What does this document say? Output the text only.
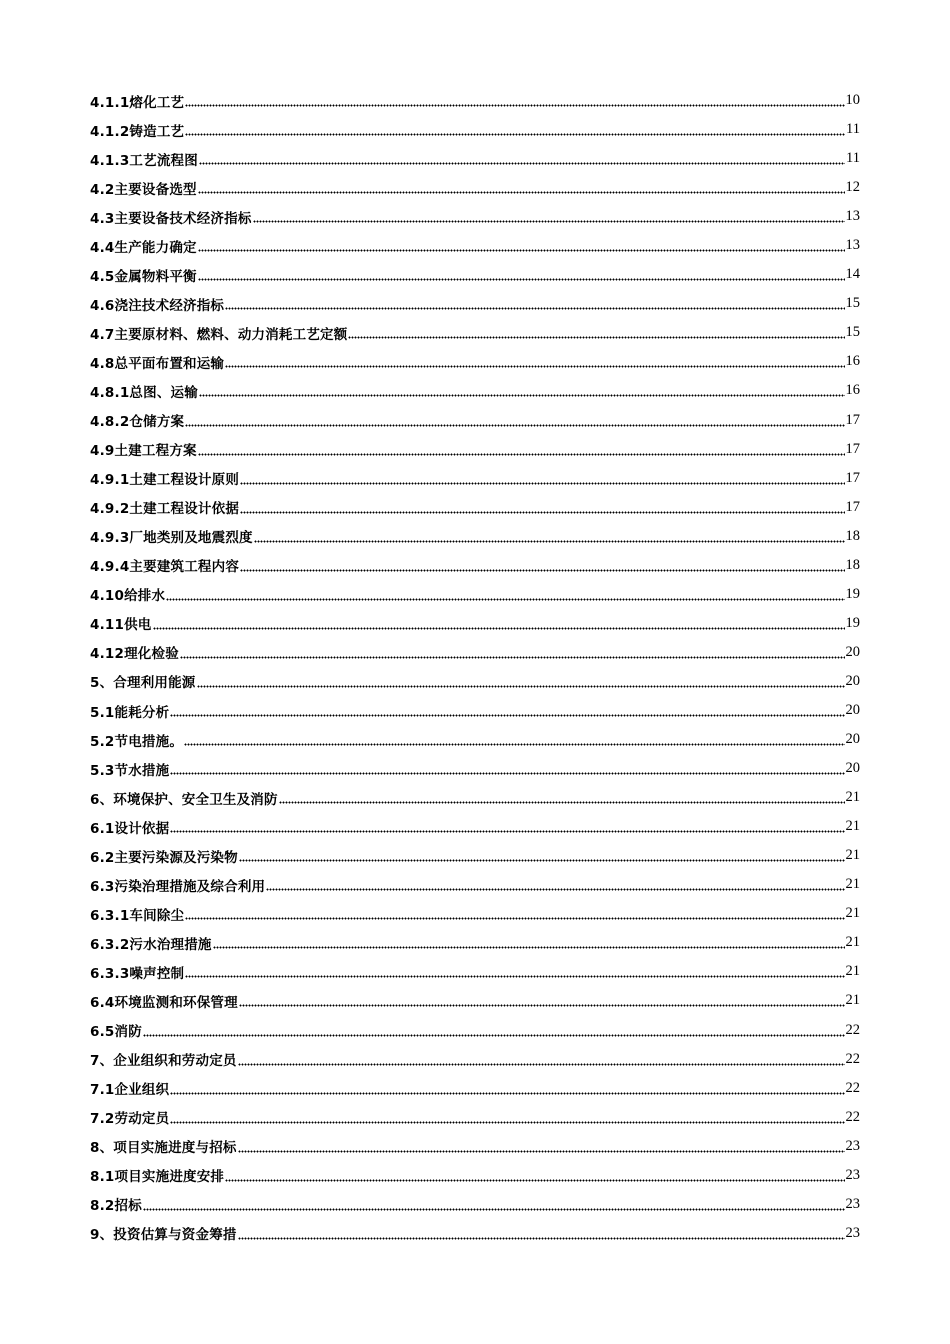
4.1.1熔化工艺	10
4.1.2铸造工艺	11
4.1.3工艺流程图	11
4.2主要设备选型	12
4.3主要设备技术经济指标	13
4.4生产能力确定	13
4.5金属物料平衡	14
4.6浇注技术经济指标	15
4.7主要原材料、燃料、动力消耗工艺定额	15
4.8总平面布置和运输	16
4.8.1总图、运输	16
4.8.2仓储方案	17
4.9土建工程方案	17
4.9.1土建工程设计原则	17
4.9.2土建工程设计依据	17
4.9.3厂地类别及地震烈度	18
4.9.4主要建筑工程内容	18
4.10给排水	19
4.11供电	19
4.12理化检验	20
5、合理利用能源	20
5.1能耗分析	20
5.2节电措施。	20
5.3节水措施	20
6、环境保护、安全卫生及消防	21
6.1设计依据	21
6.2主要污染源及污染物	21
6.3污染治理措施及综合利用	21
6.3.1车间除尘	21
6.3.2污水治理措施	21
6.3.3噪声控制	21
6.4环境监测和环保管理	21
6.5消防	22
7、企业组织和劳动定员	22
7.1企业组织	22
7.2劳动定员	22
8、项目实施进度与招标	23
8.1项目实施进度安排	23
8.2招标	23
9、投资估算与资金筹措	23
